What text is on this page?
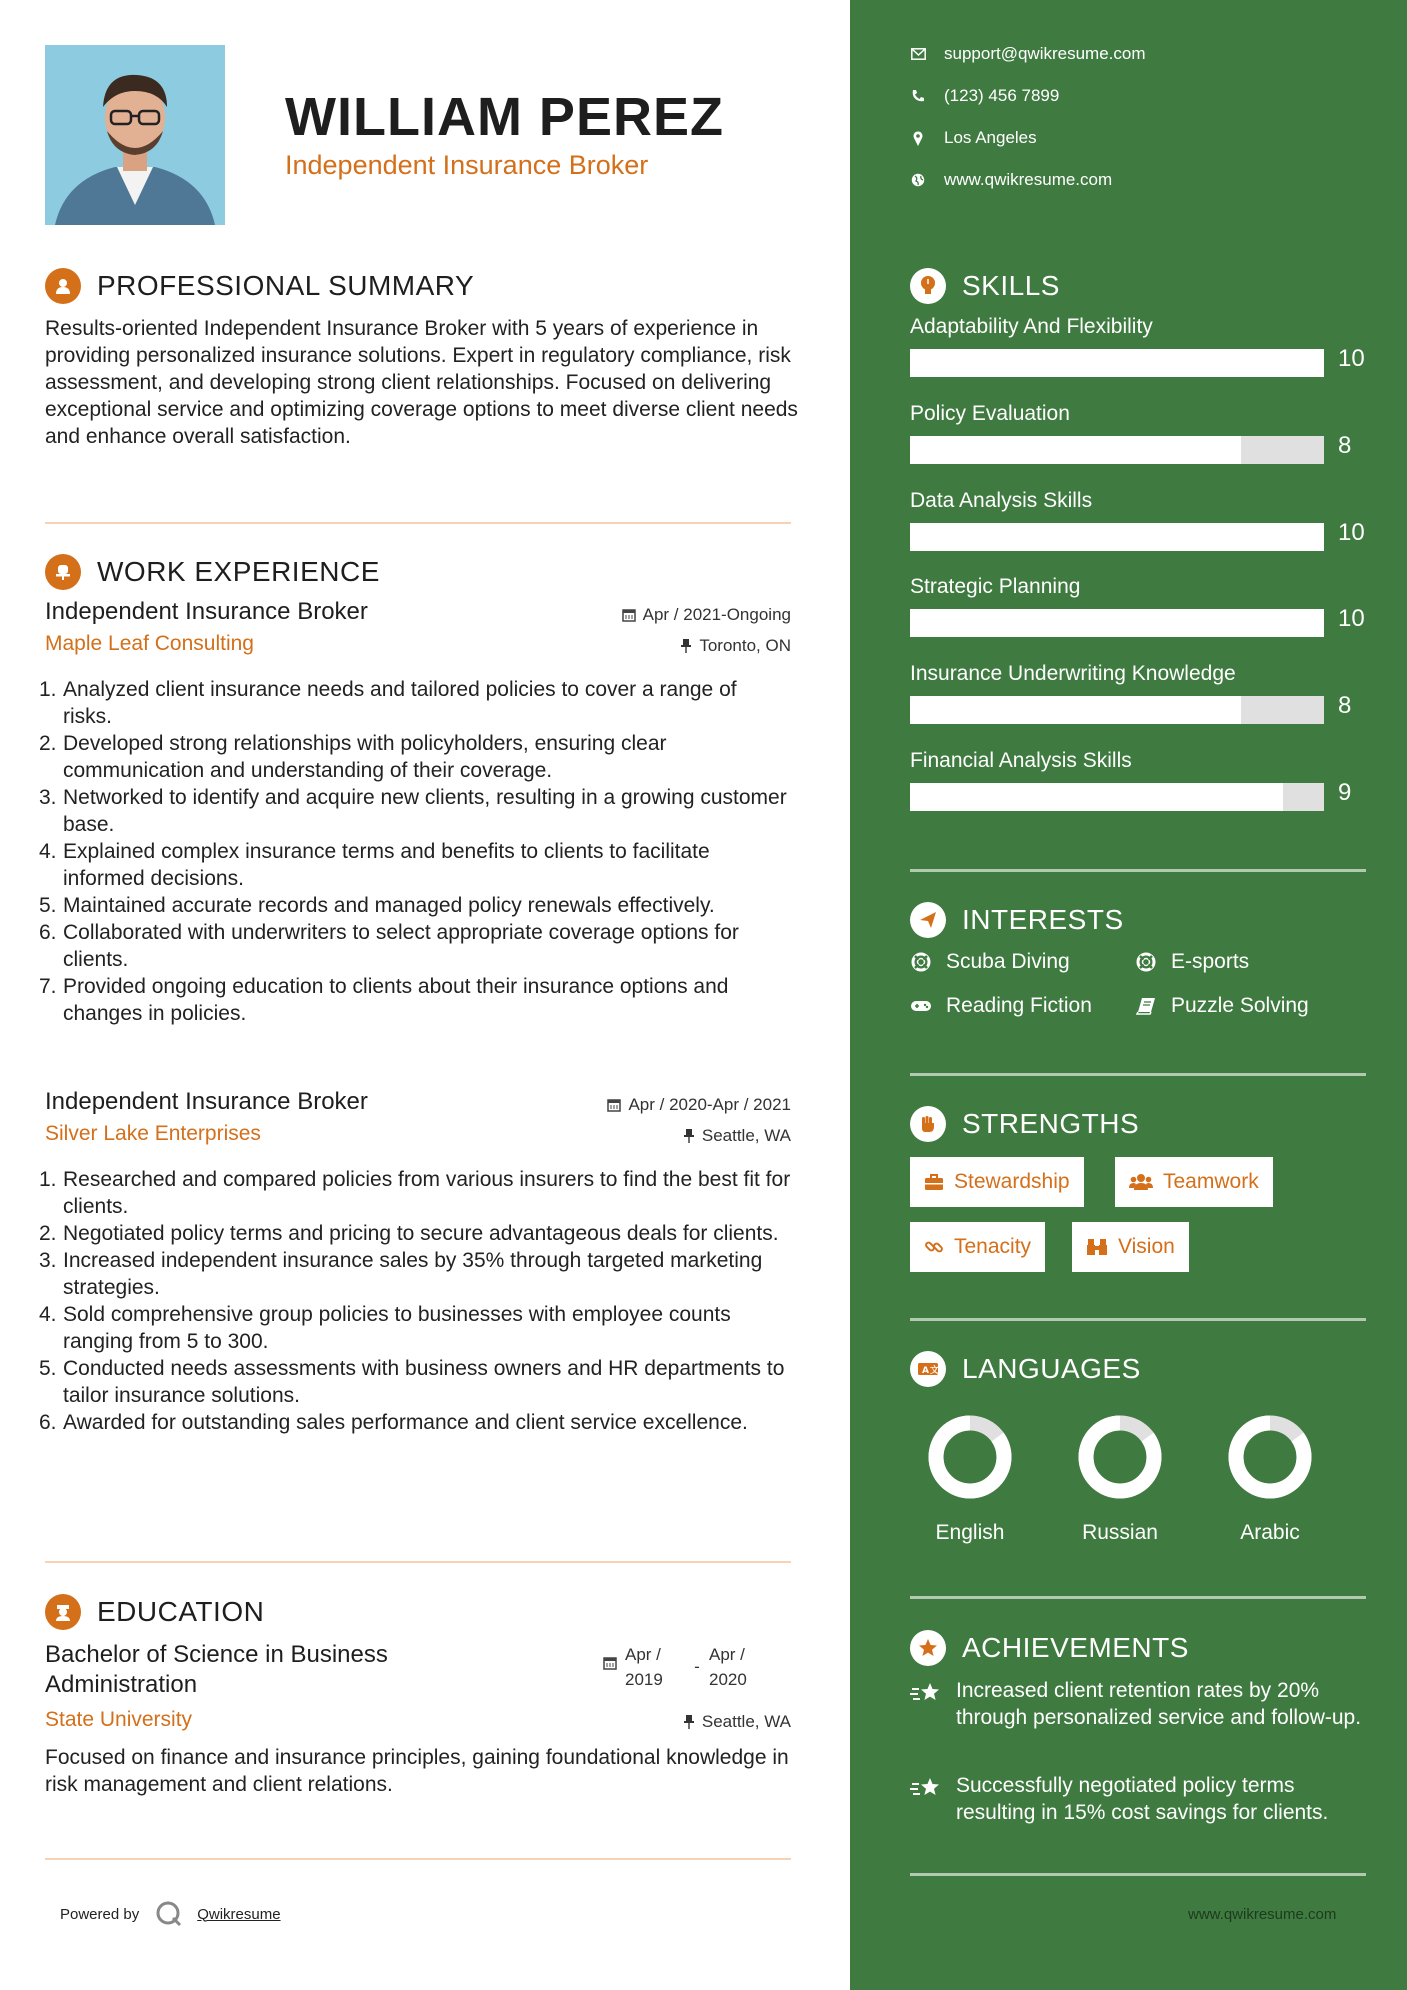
WILLIAM PEREZ
Independent Insurance Broker
PROFESSIONAL SUMMARY

Results-oriented Independent Insurance Broker with 5 years of experience in providing personalized insurance solutions. Expert in regulatory compliance, risk assessment, and developing strong client relationships. Focused on delivering exceptional service and optimizing coverage options to meet diverse client needs and enhance overall satisfaction.

WORK EXPERIENCE
Independent Insurance Broker	Apr / 2021-Ongoing
Maple Leaf Consulting	Toronto, ON
1. Analyzed client insurance needs and tailored policies to cover a range of risks.
2. Developed strong relationships with policyholders, ensuring clear communication and understanding of their coverage.
3. Networked to identify and acquire new clients, resulting in a growing customer base.
4. Explained complex insurance terms and benefits to clients to facilitate informed decisions.
5. Maintained accurate records and managed policy renewals effectively.
6. Collaborated with underwriters to select appropriate coverage options for clients.
7. Provided ongoing education to clients about their insurance options and changes in policies.
Independent Insurance Broker	Apr / 2020-Apr / 2021
Silver Lake Enterprises	Seattle, WA
1. Researched and compared policies from various insurers to find the best fit for clients.
2. Negotiated policy terms and pricing to secure advantageous deals for clients.
3. Increased independent insurance sales by 35% through targeted marketing strategies.
4. Sold comprehensive group policies to businesses with employee counts ranging from 5 to 300.
5. Conducted needs assessments with business owners and HR departments to tailor insurance solutions.
6. Awarded for outstanding sales performance and client service excellence.
EDUCATION
Bachelor of Science in Business Administration
Apr /
2019
-
Apr /
2020
State University	Seattle, WA

Focused on finance and insurance principles, gaining foundational knowledge in risk management and client relations.

Powered by	Qwikresume
support@qwikresume.com
(123) 456 7899
Los Angeles
www.qwikresume.com
SKILLS
Adaptability And Flexibility
10
Policy Evaluation
8
Data Analysis Skills
10
Strategic Planning
10
Insurance Underwriting Knowledge
8
Financial Analysis Skills
9
INTERESTS
Scuba Diving	E-sports
Reading Fiction	Puzzle Solving
STRENGTHS
Stewardship	Teamwork
Tenacity	Vision
A 文 LANGUAGES
English	Russian	Arabic
ACHIEVEMENTS
Increased client retention rates by 20% through personalized service and follow-up.
Successfully negotiated policy terms resulting in 15% cost savings for clients.
www.qwikresume.com
